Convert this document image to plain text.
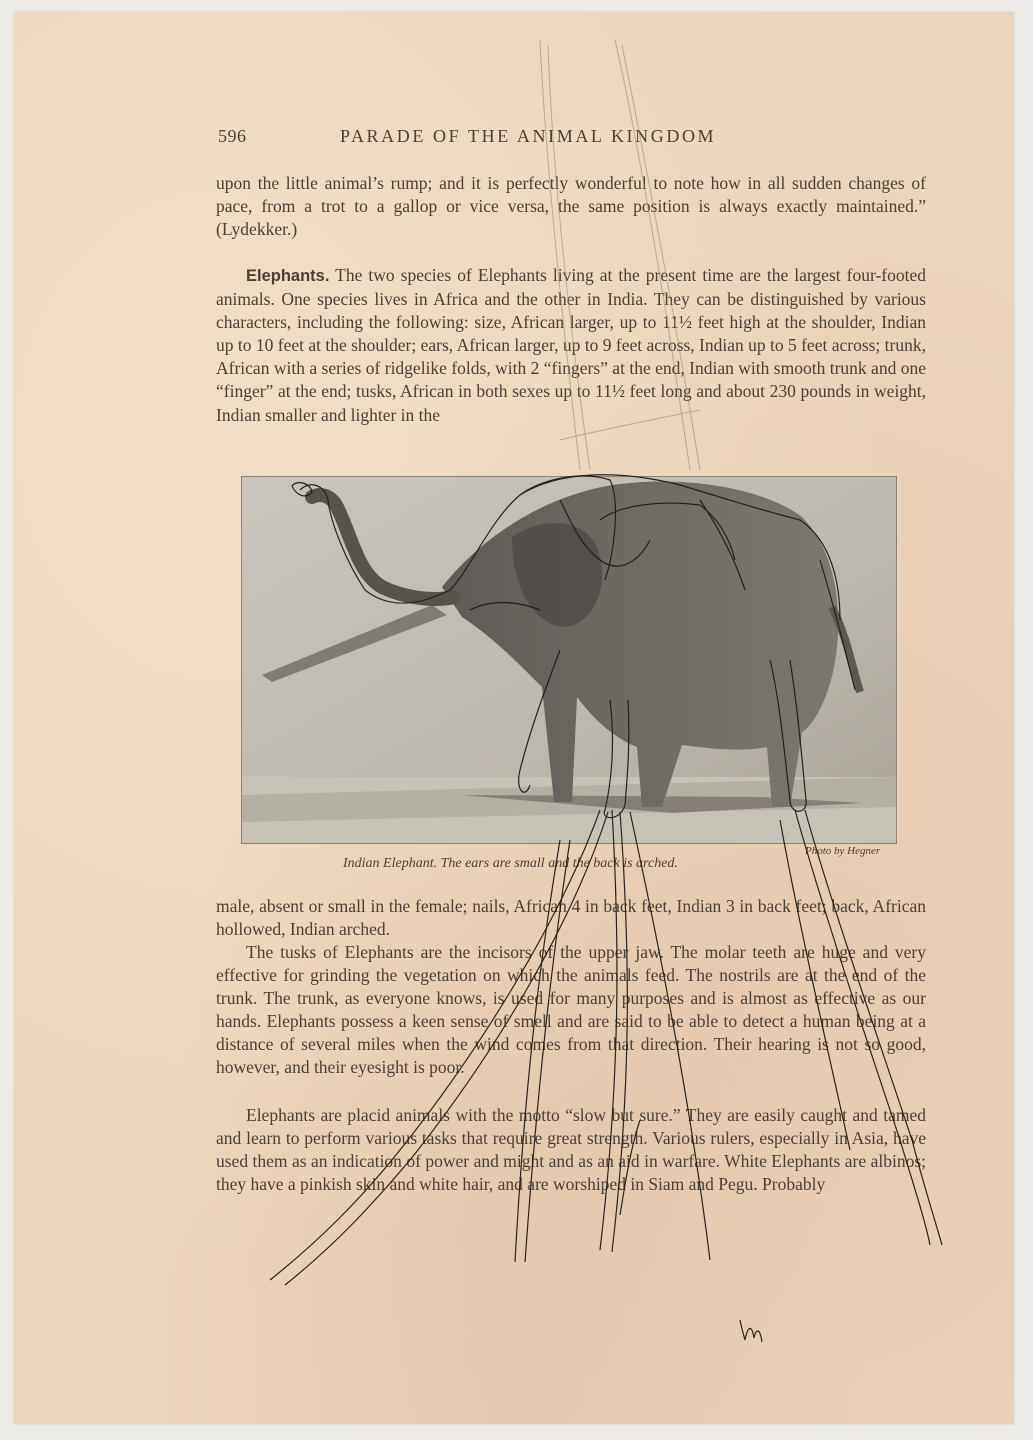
596	PARADE OF THE ANIMAL KINGDOM

upon the little animal’s rump; and it is perfectly wonderful to note how in all sudden changes of pace, from a trot to a gallop or vice versa, the same position is always exactly maintained.” (Lydekker.)

Elephants. The two species of Elephants living at the present time are the largest four-footed animals. One species lives in Africa and the other in India. They can be distinguished by various characters, including the following: size, African larger, up to 11½ feet high at the shoulder, Indian up to 10 feet at the shoulder; ears, African larger, up to 9 feet across, Indian up to 5 feet across; trunk, African with a series of ridgelike folds, with 2 “fingers” at the end, Indian with smooth trunk and one “finger” at the end; tusks, African in both sexes up to 11½ feet long and about 230 pounds in weight, Indian smaller and lighter in the

Indian Elephant. The ears are small and the back is arched.
Photo by Hegner

male, absent or small in the female; nails, African 4 in back feet, Indian 3 in back feet; back, African hollowed, Indian arched.

The tusks of Elephants are the incisors of the upper jaw. The molar teeth are huge and very effective for grinding the vegetation on which the animals feed. The nostrils are at the end of the trunk. The trunk, as everyone knows, is used for many purposes and is almost as effective as our hands. Elephants possess a keen sense of smell and are said to be able to detect a human being at a distance of several miles when the wind comes from that direction. Their hearing is not so good, however, and their eyesight is poor.

Elephants are placid animals with the motto “slow but sure.” They are easily caught and tamed and learn to perform various tasks that require great strength. Various rulers, especially in Asia, have used them as an indication of power and might and as an aid in warfare. White Elephants are albinos; they have a pinkish skin and white hair, and are worshiped in Siam and Pegu. Probably
